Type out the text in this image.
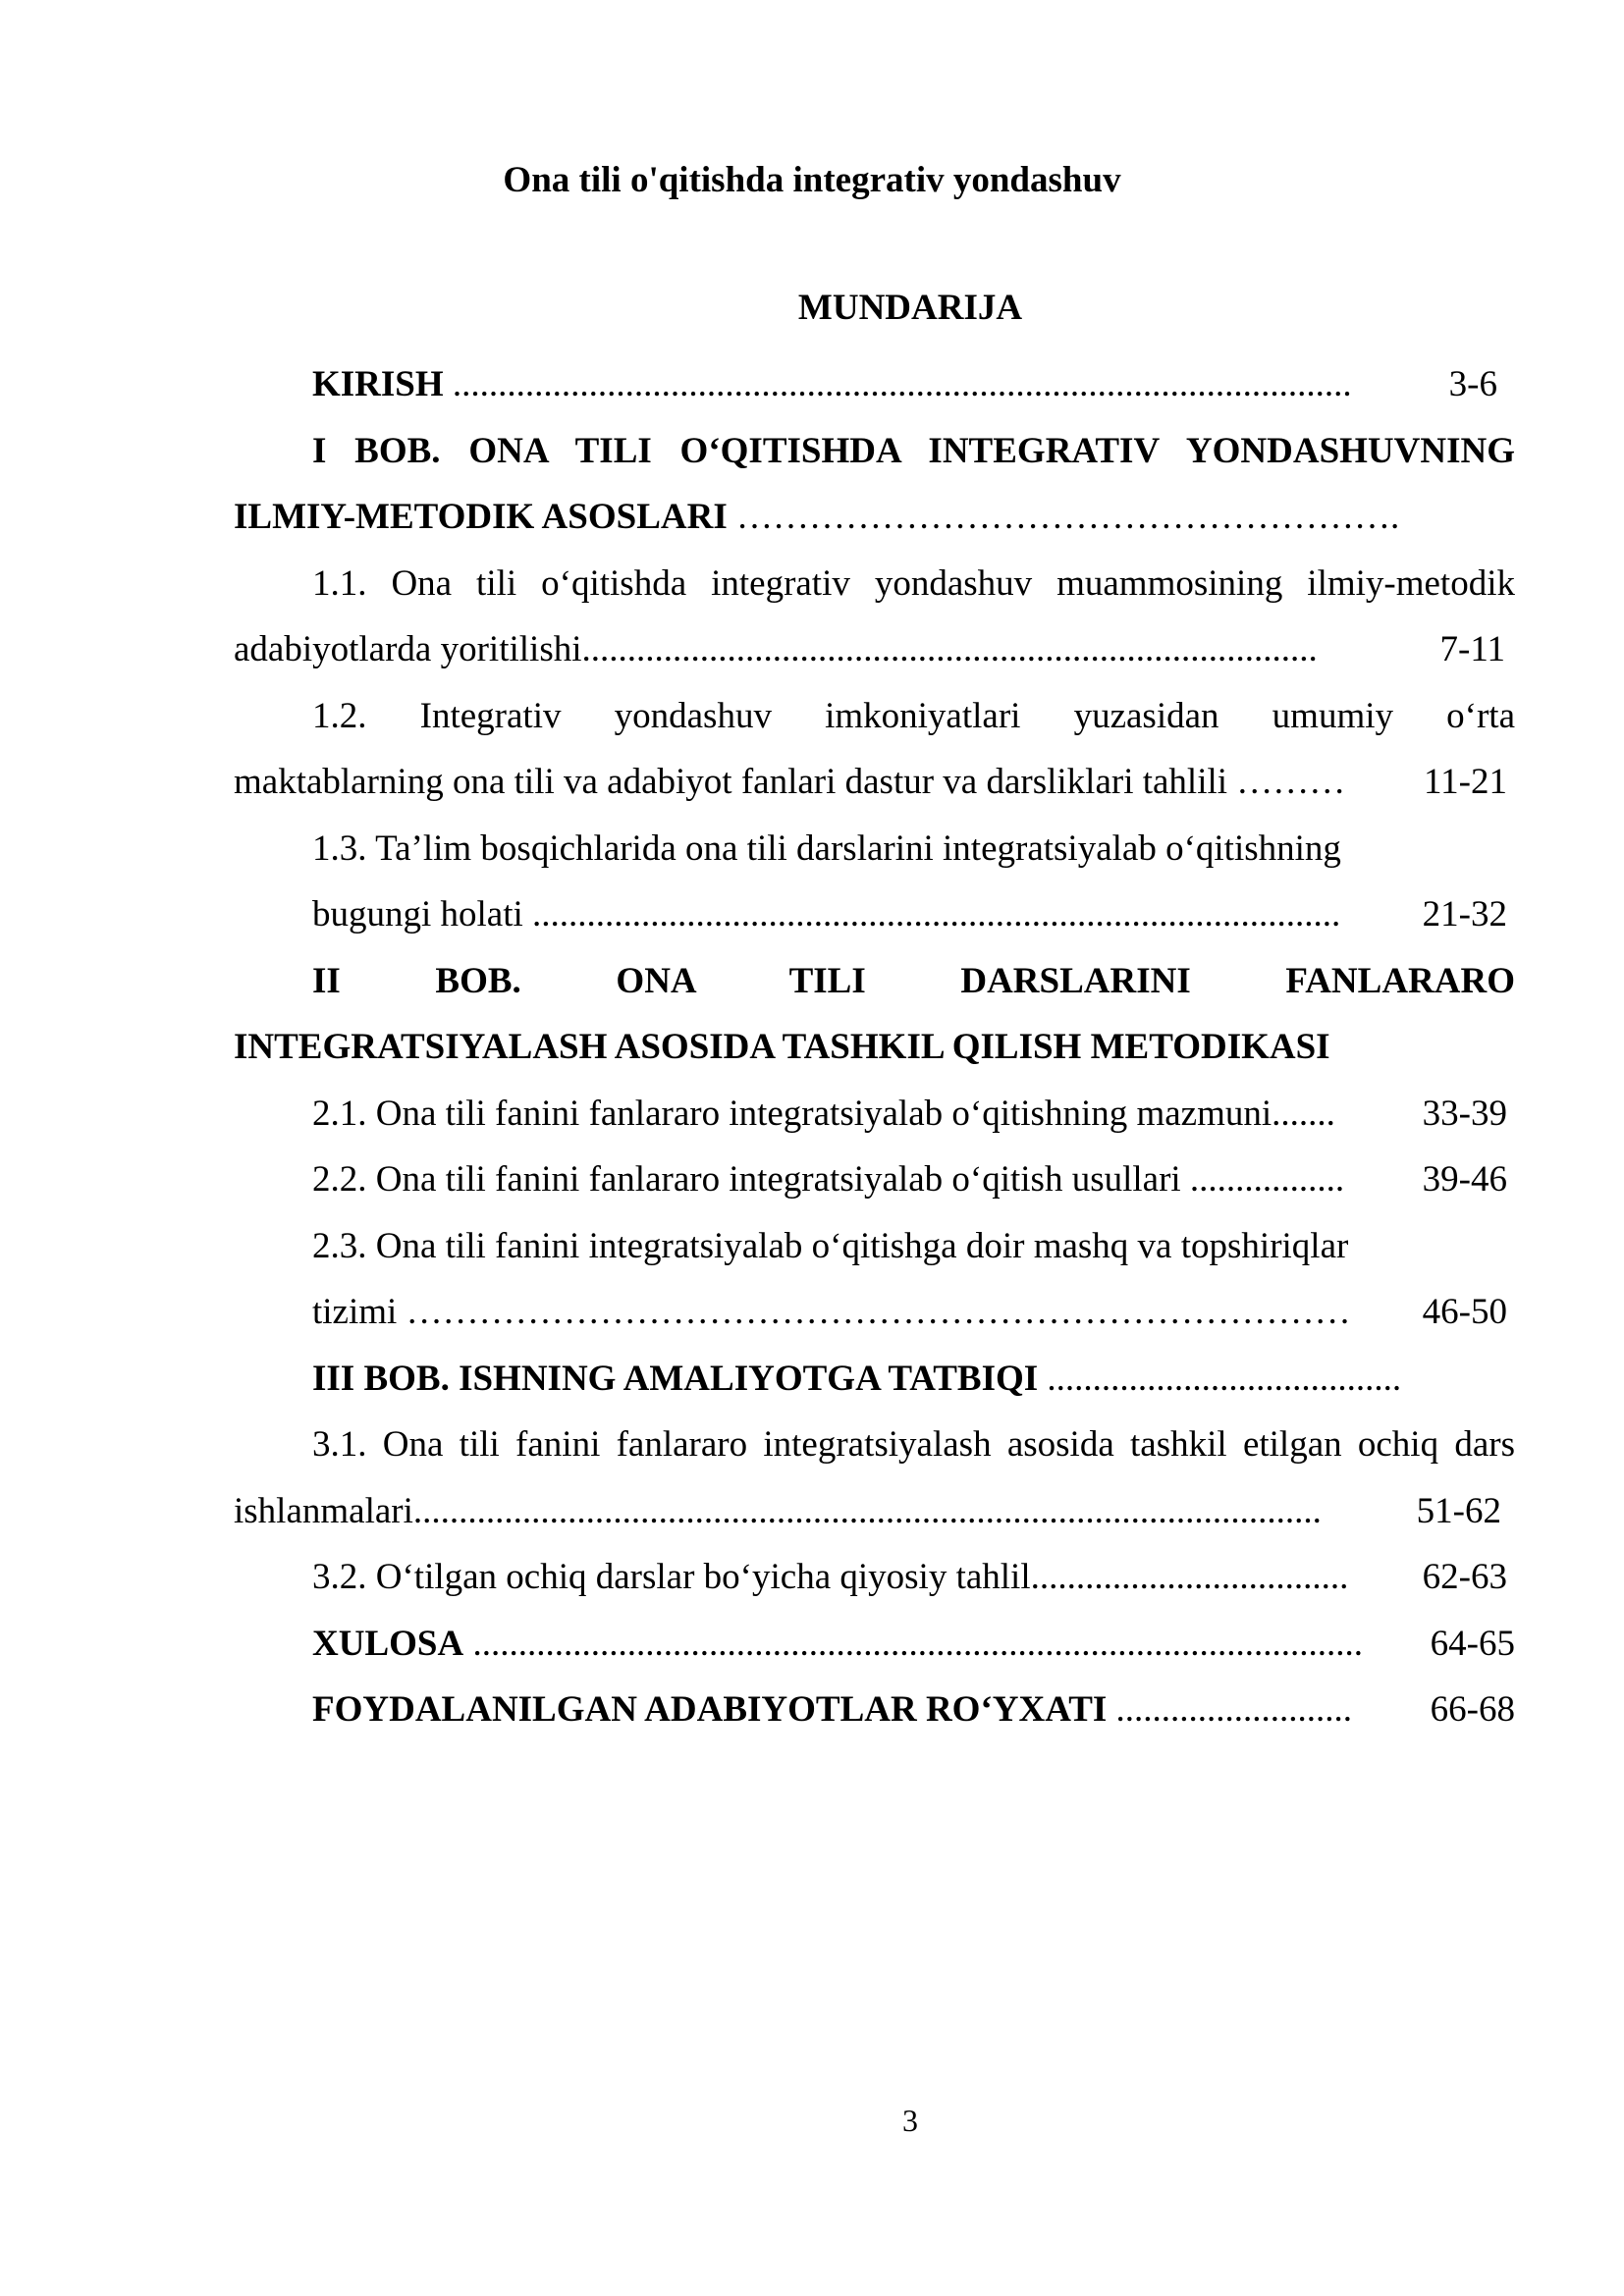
Ona tili o'qitishda integrativ yondashuv
MUNDARIJA
KIRISH ...................................................................................................	3-6
I BOB. ONA TILI O‘QITISHDA INTEGRATIV YONDASHUVNING
ILMIY-METODIK ASOSLARI ……………………………………………….
1.1. Ona tili o‘qitishda integrativ yondashuv muammosining ilmiy-metodik
adabiyotlarda yoritilishi.................................................................................	7-11
1.2. Integrativ yondashuv imkoniyatlari yuzasidan umumiy o‘rta
maktablarning ona tili va adabiyot fanlari dastur va darsliklari tahlili ……… 11-21
1.3. Ta’lim bosqichlarida ona tili darslarini integratsiyalab o‘qitishning
bugungi holati ......................................................................................... 21-32
II BOB. ONA TILI DARSLARINI FANLARARO
INTEGRATSIYALASH ASOSIDA TASHKIL QILISH METODIKASI
2.1. Ona tili fanini fanlararo integratsiyalab o‘qitishning mazmuni....... 33-39
2.2. Ona tili fanini fanlararo integratsiyalab o‘qitish usullari ................. 39-46
2.3. Ona tili fanini integratsiyalab o‘qitishga doir mashq va topshiriqlar
tizimi …………………………………………………………………… 46-50
III BOB. ISHNING AMALIYOTGA TATBIQI .......................................
3.1. Ona tili fanini fanlararo integratsiyalash asosida tashkil etilgan ochiq dars
ishlanmalari....................................................................................................	51-62
3.2. O‘tilgan ochiq darslar bo‘yicha qiyosiy tahlil................................... 62-63
XULOSA .................................................................................................. 64-65
FOYDALANILGAN ADABIYOTLAR RO‘YXATI .......................... 66-68
3
